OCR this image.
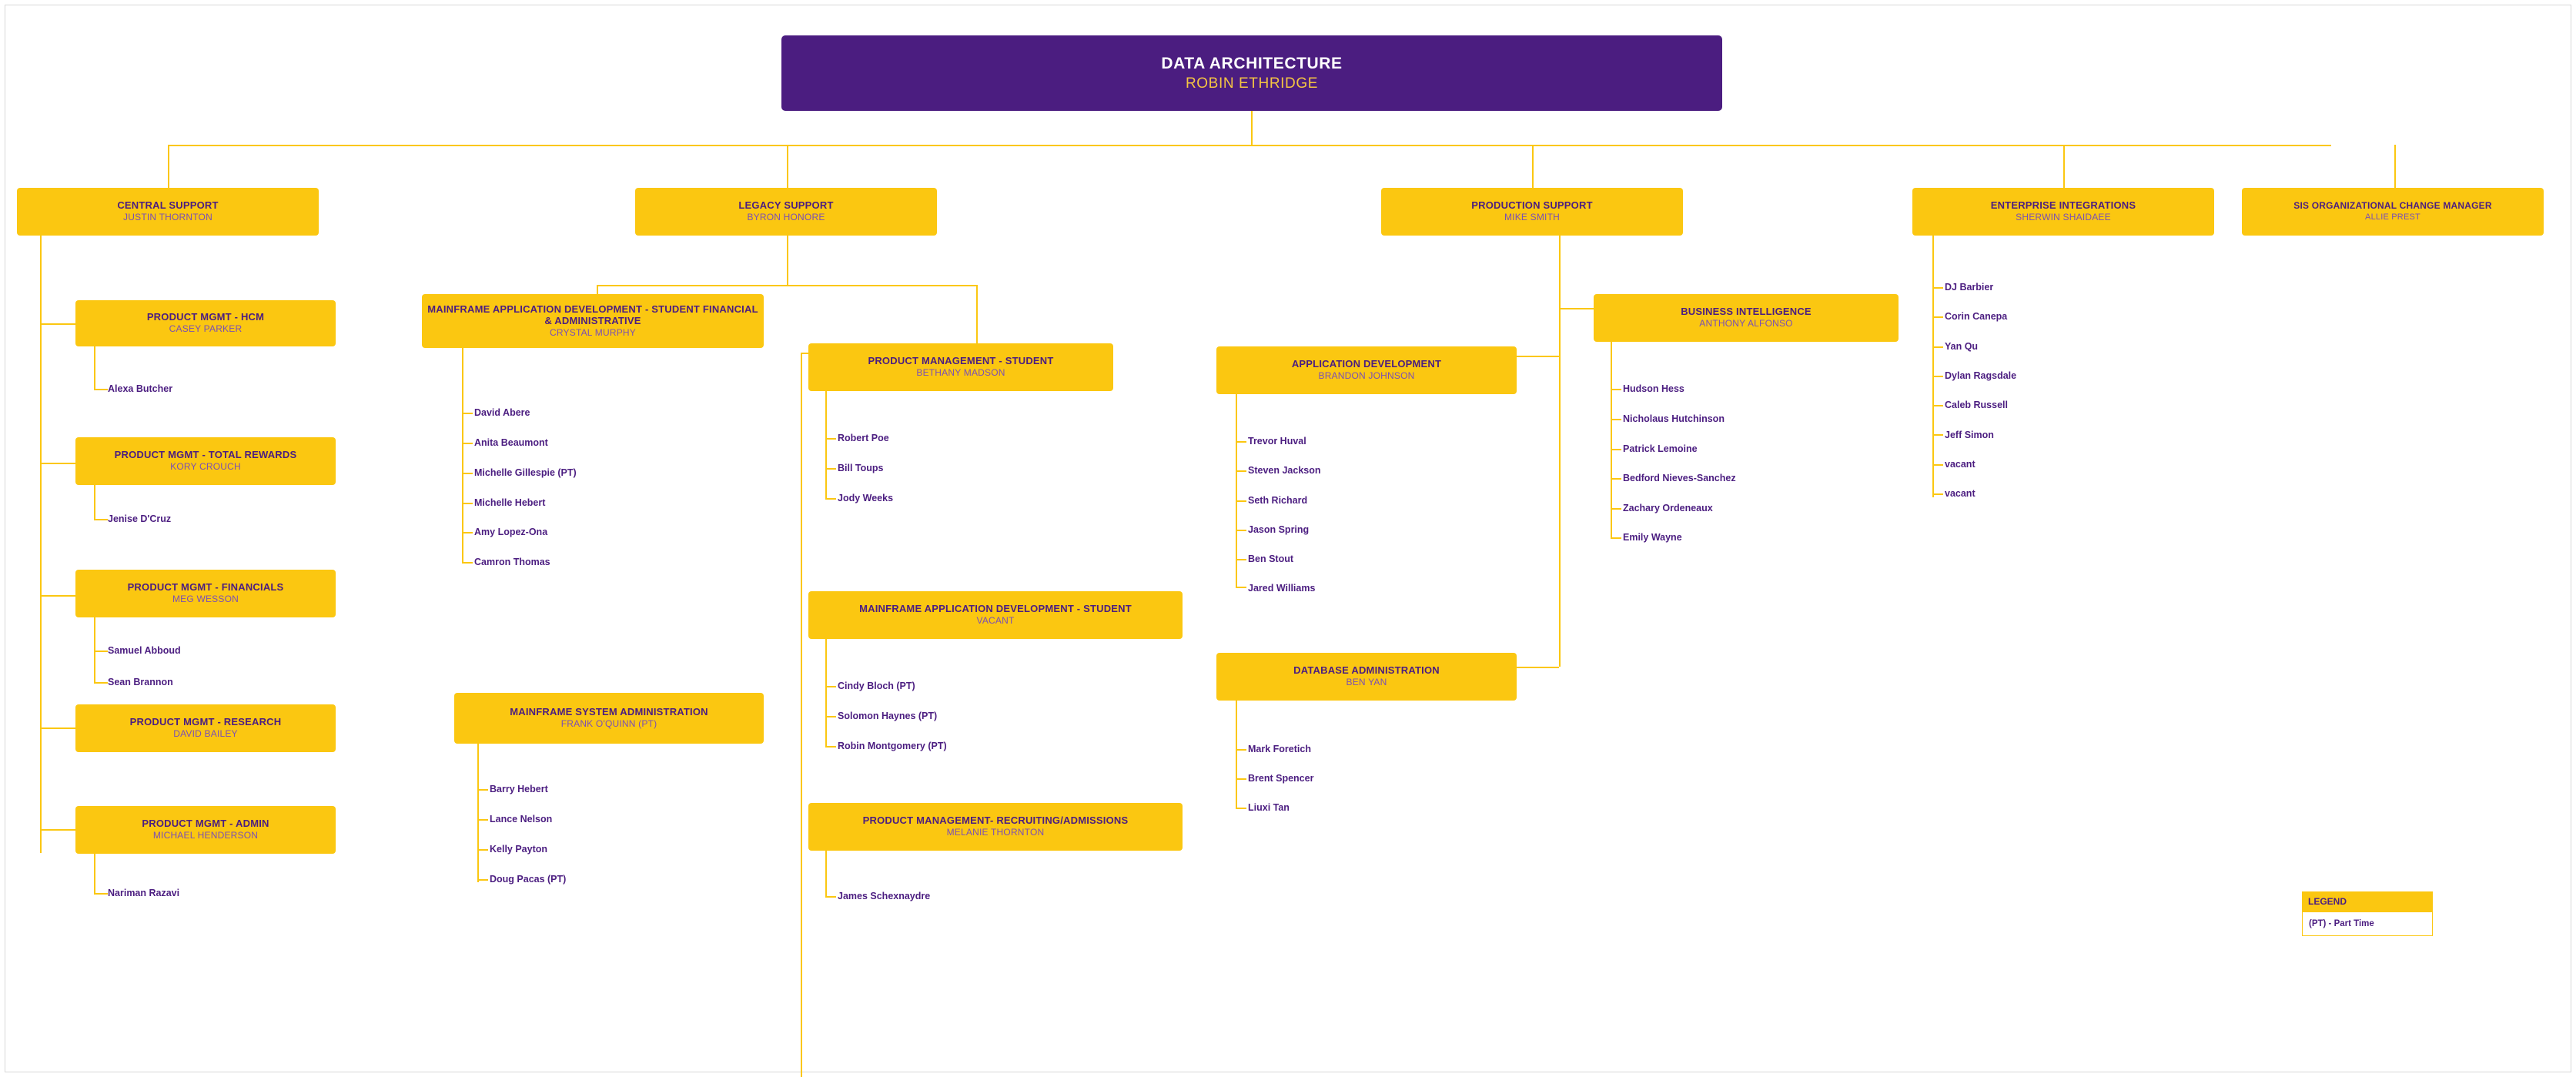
DATA ARCHITECTURE
ROBIN ETHRIDGE
CENTRAL SUPPORT
JUSTIN THORNTON
PRODUCT MGMT - HCM
CASEY PARKER
Alexa Butcher
PRODUCT MGMT - TOTAL REWARDS
KORY CROUCH
Jenise D'Cruz
PRODUCT MGMT - FINANCIALS
MEG WESSON
Samuel Abboud
Sean Brannon
PRODUCT MGMT - RESEARCH
DAVID BAILEY
PRODUCT MGMT - ADMIN
MICHAEL HENDERSON
Nariman Razavi
LEGACY SUPPORT
BYRON HONORE
MAINFRAME APPLICATION DEVELOPMENT - STUDENT FINANCIAL & ADMINISTRATIVE
CRYSTAL MURPHY
David Abere
Anita Beaumont
Michelle Gillespie (PT)
Michelle Hebert
Amy Lopez-Ona
Camron Thomas
MAINFRAME SYSTEM ADMINISTRATION
FRANK O'QUINN (PT)
Barry Hebert
Lance Nelson
Kelly Payton
Doug Pacas (PT)
PRODUCT MANAGEMENT - STUDENT
BETHANY MADSON
Robert Poe
Bill Toups
Jody Weeks
MAINFRAME APPLICATION DEVELOPMENT - STUDENT
VACANT
Cindy Bloch (PT)
Solomon Haynes (PT)
Robin Montgomery (PT)
PRODUCT MANAGEMENT- RECRUITING/ADMISSIONS
MELANIE THORNTON
James Schexnaydre
PRODUCTION SUPPORT
MIKE SMITH
APPLICATION DEVELOPMENT
BRANDON JOHNSON
Trevor Huval
Steven Jackson
Seth Richard
Jason Spring
Ben Stout
Jared Williams
DATABASE ADMINISTRATION
BEN YAN
Mark Foretich
Brent Spencer
Liuxi Tan
BUSINESS INTELLIGENCE
ANTHONY ALFONSO
Hudson Hess
Nicholaus Hutchinson
Patrick Lemoine
Bedford Nieves-Sanchez
Zachary Ordeneaux
Emily Wayne
ENTERPRISE INTEGRATIONS
SHERWIN SHAIDAEE
DJ Barbier
Corin Canepa
Yan Qu
Dylan Ragsdale
Caleb Russell
Jeff Simon
vacant
vacant
SIS ORGANIZATIONAL CHANGE MANAGER
ALLIE PREST
LEGEND
(PT) - Part Time
